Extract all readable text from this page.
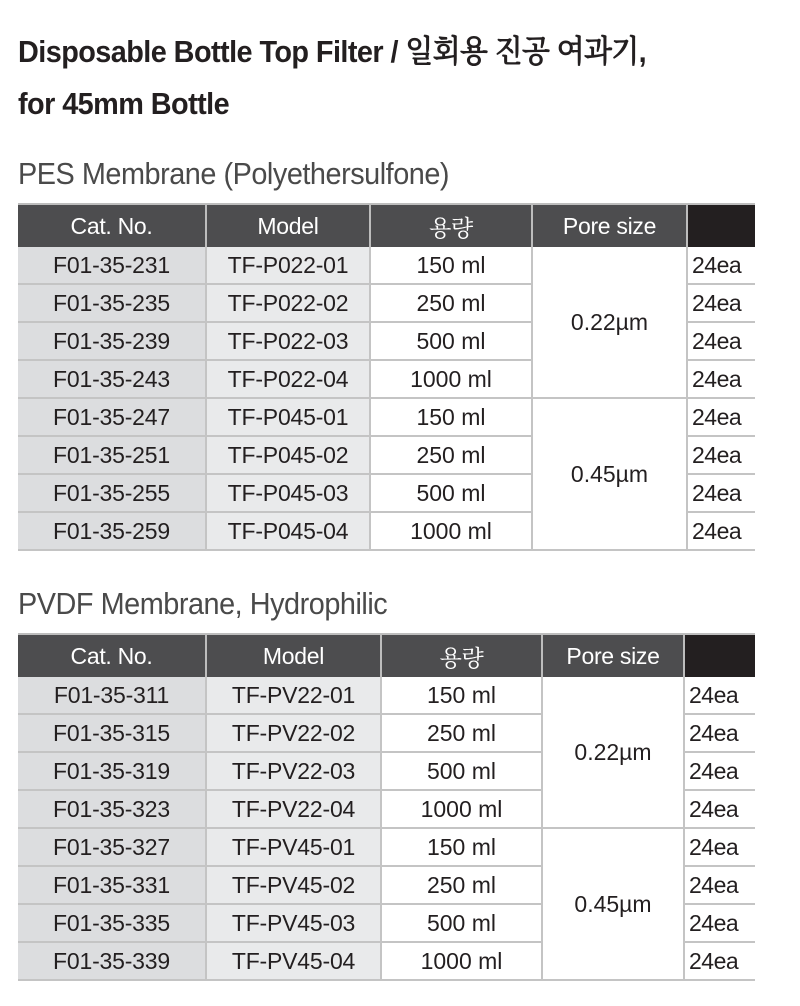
Disposable Bottle Top Filter / 일회용 진공 여과기,
for 45mm Bottle
PES Membrane (Polyethersulfone)
Cat. No.	Model	용량	Pore size	
F01-35-231	TF-P022-01	150 ml	0.22µm	24ea
F01-35-235	TF-P022-02	250 ml		24ea
F01-35-239	TF-P022-03	500 ml		24ea
F01-35-243	TF-P022-04	1000 ml		24ea
F01-35-247	TF-P045-01	150 ml	0.45µm	24ea
F01-35-251	TF-P045-02	250 ml		24ea
F01-35-255	TF-P045-03	500 ml		24ea
F01-35-259	TF-P045-04	1000 ml		24ea
PVDF Membrane, Hydrophilic
Cat. No.	Model	용량	Pore size	
F01-35-311	TF-PV22-01	150 ml	0.22µm	24ea
F01-35-315	TF-PV22-02	250 ml		24ea
F01-35-319	TF-PV22-03	500 ml		24ea
F01-35-323	TF-PV22-04	1000 ml		24ea
F01-35-327	TF-PV45-01	150 ml	0.45µm	24ea
F01-35-331	TF-PV45-02	250 ml		24ea
F01-35-335	TF-PV45-03	500 ml		24ea
F01-35-339	TF-PV45-04	1000 ml		24ea
